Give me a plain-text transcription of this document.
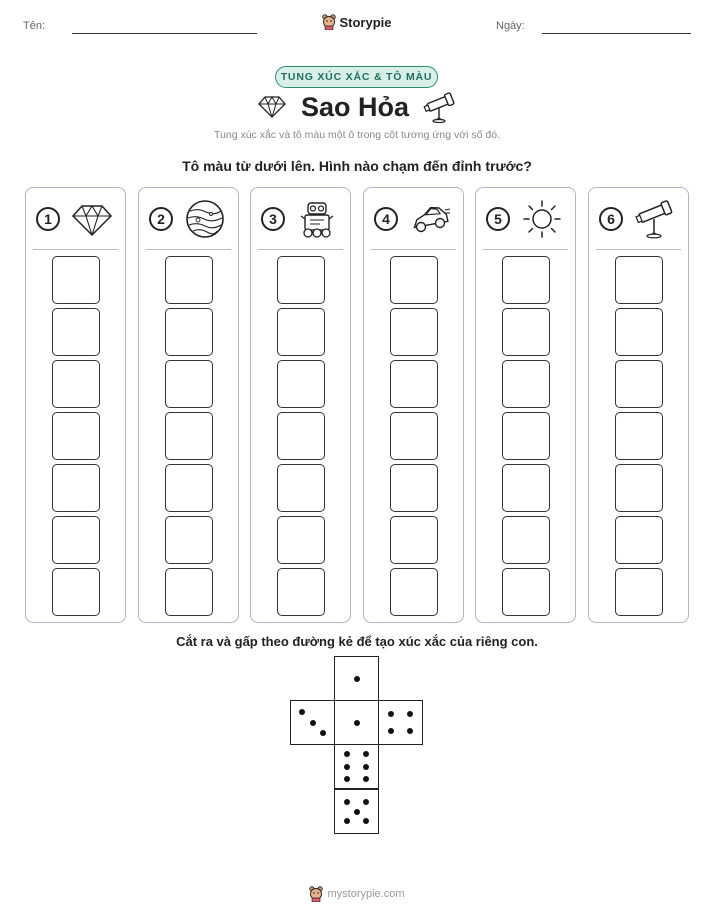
Tên:	Storypie	Ngày:
TUNG XÚC XẮC & TÔ MÀU
Sao Hỏa
Tung xúc xắc và tô màu một ô trong cột tương ứng với số đó.
Tô màu từ dưới lên. Hình nào chạm đến đỉnh trước?
1	2	3	4	5	6
Cắt ra và gấp theo đường kẻ để tạo xúc xắc của riêng con.
mystorypie.com
